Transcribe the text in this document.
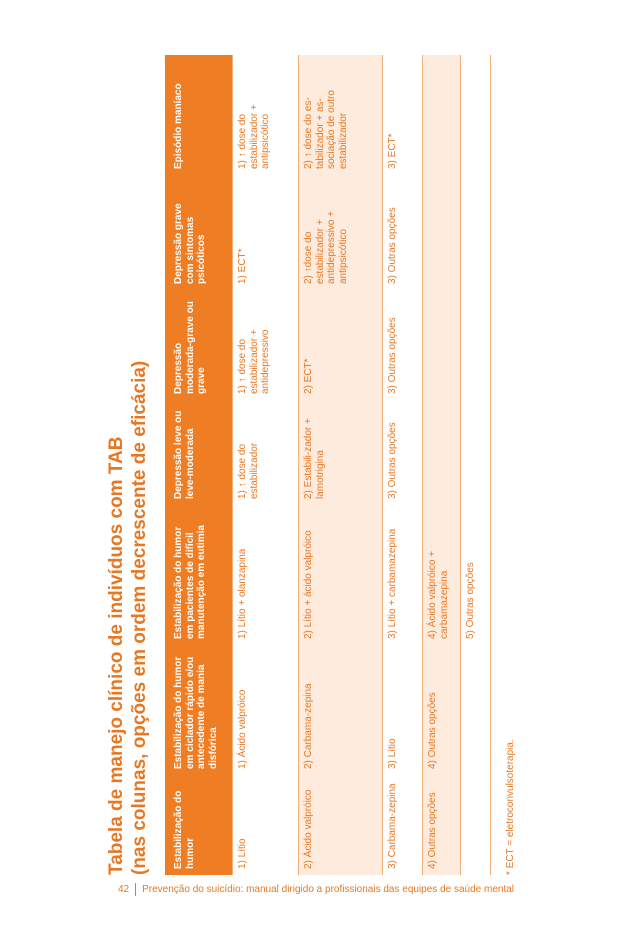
Tabela de manejo clínico de indivíduos com TAB (nas colunas, opções em ordem decrescente de eficácia) Estabilização do humor	Estabilização do humor em ciclador rápido e/ou antecedente de mania disfórica	Estabilização do humor em pacientes de difícil manutenção em eutimia	Depressão leve ou leve-moderada	Depressão moderada-grave ou grave	Depressão grave com sintomas psicóticos	Episódio maníaco
1) Lítio	1) Ácido valpróico	1) Lítio + olanzapina	1) ↑ dose do estabilizador	1) ↑ dose do estabilizador + antidepressivo	1) ECT*	1) ↑ dose do estabilizador + antipsicótico
2) Ácido valpróico	2) Carbama-zepina	2) Lítio + ácido valpróico	2) Estabili-zador + lamotrigina	2) ECT*	2) ↑dose do estabilizador + antidepressivo + antipsicótico	2) ↑ dose do es-tabilizador + as-sociação de outro estabilizador
3) Carbama-zepina	3) Lítio	3) Lítio + carbamazepina	3) Outras opções	3) Outras opções	3) Outras opções	3) ECT*
4) Outras opções	4) Outras opções	4) Ácido valpróico + carbamazepina				
		5) Outras opções				
* ECT = eletroconvulsoterapia.
42 Prevenção do suicídio: manual dirigido a profissionais das equipes de saúde mental
